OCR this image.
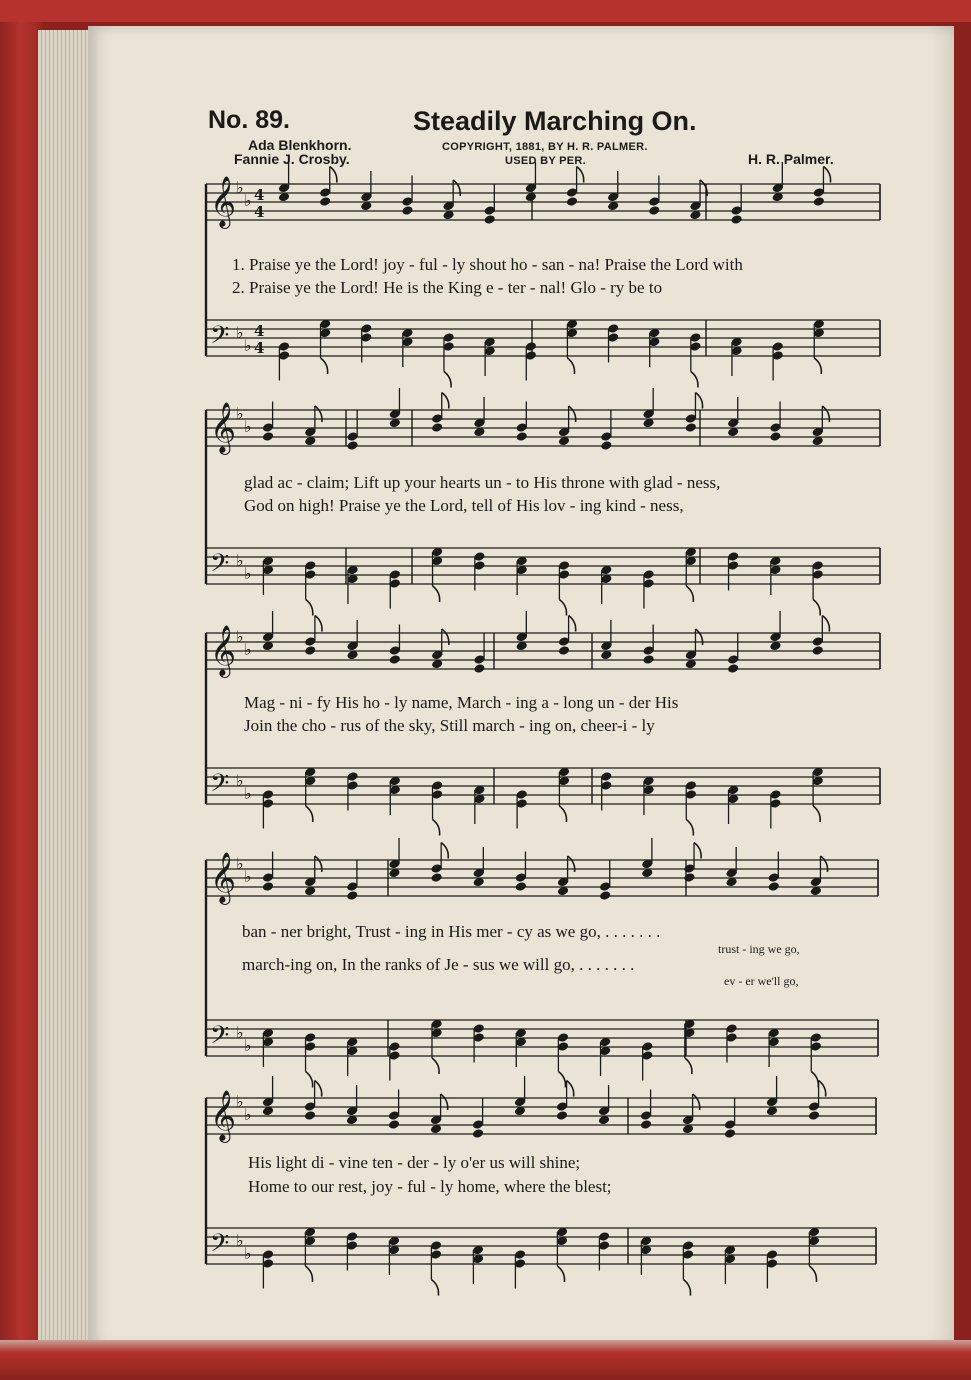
No. 89.	Steadily Marching On.
Ada Blenkhorn.
Fannie J. Crosby.
COPYRIGHT, 1881, BY H. R. PALMER.
USED BY PER.	H. R. Palmer.
1. Praise ye the Lord! joy - ful - ly shout ho - san - na! Praise the Lord with
2. Praise ye the Lord! He is the King e - ter - nal! Glo - ry be to
glad ac - claim; Lift up your hearts un - to His throne with glad - ness,
God on high! Praise ye the Lord, tell of His lov - ing kind - ness,
Mag - ni - fy His ho - ly name, March - ing a - long un - der His
Join the cho - rus of the sky, Still march - ing on, cheer-i - ly
ban - ner bright, Trust - ing in His mer - cy as we go, . . . . . . .
trust - ing we go,
march-ing on, In the ranks of Je - sus we will go, . . . . . . .
ev - er we'll go,
His light di - vine ten - der - ly o'er us will shine;
Home to our rest, joy - ful - ly home, where the blest;
𝄞 ♭
♭ 4
4
𝄢 ♭
♭
4
4
𝄞 ♭
♭
𝄢 ♭
♭
𝄞 ♭
♭
𝄢 ♭
♭
𝄞 ♭
♭
𝄢 ♭
♭
𝄞 ♭
♭
𝄢 ♭
♭
